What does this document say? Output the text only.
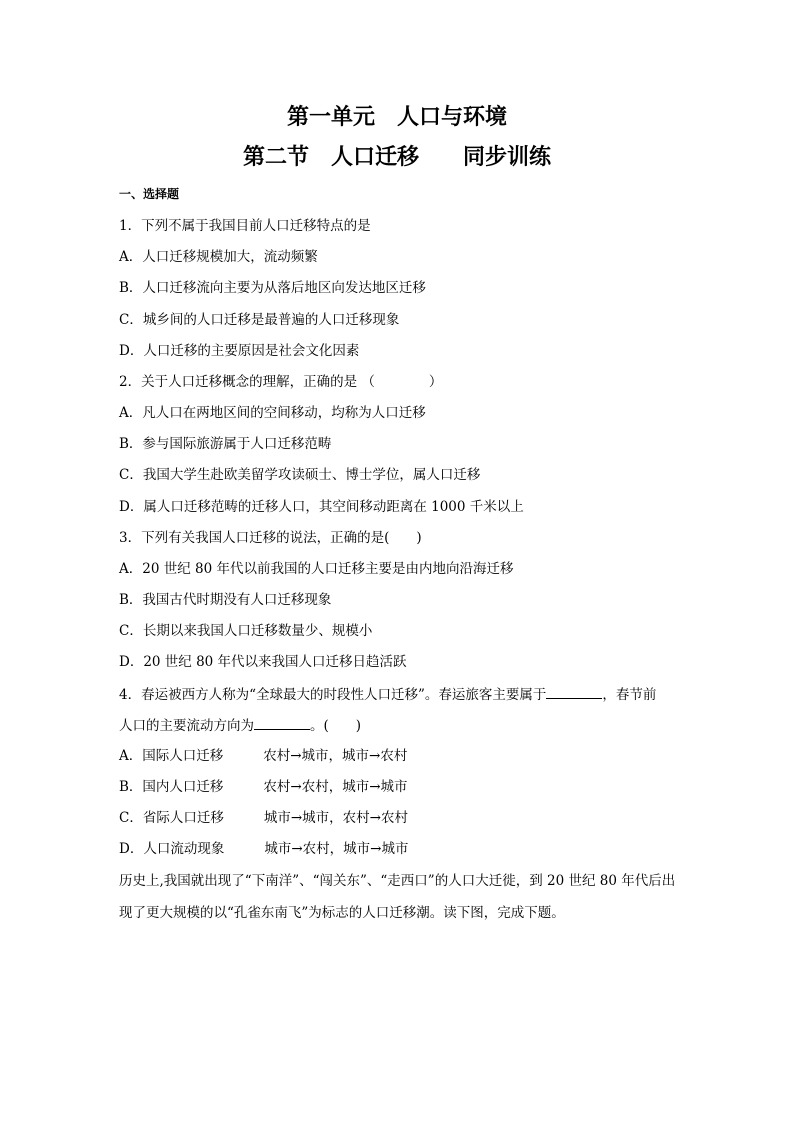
第一单元　人口与环境
第二节　人口迁移　　同步训练
一、选择题
1．下列不属于我国目前人口迁移特点的是
A．人口迁移规模加大，流动频繁
B．人口迁移流向主要为从落后地区向发达地区迁移
C．城乡间的人口迁移是最普遍的人口迁移现象
D．人口迁移的主要原因是社会文化因素
2．关于人口迁移概念的理解，正确的是 （　　　　）
A．凡人口在两地区间的空间移动，均称为人口迁移
B．参与国际旅游属于人口迁移范畴
C．我国大学生赴欧美留学攻读硕士、博士学位，属人口迁移
D．属人口迁移范畴的迁移人口，其空间移动距离在 1000 千米以上
3．下列有关我国人口迁移的说法，正确的是(　　)
A．20 世纪 80 年代以前我国的人口迁移主要是由内地向沿海迁移
B．我国古代时期没有人口迁移现象
C．长期以来我国人口迁移数量少、规模小
D．20 世纪 80 年代以来我国人口迁移日趋活跃
4．春运被西方人称为“全球最大的时段性人口迁移”。春运旅客主要属于	，春节前
人口的主要流动方向为	。(　　)
A．国际人口迁移	农村→城市，城市→农村
B．国内人口迁移	农村→农村，城市→城市
C．省际人口迁移	城市→城市，农村→农村
D．人口流动现象	城市→农村，城市→城市
历史上,我国就出现了“下南洋”、“闯关东”、“走西口”的人口大迁徙，到 20 世纪 80 年代后出
现了更大规模的以“孔雀东南飞”为标志的人口迁移潮。读下图，完成下题。
